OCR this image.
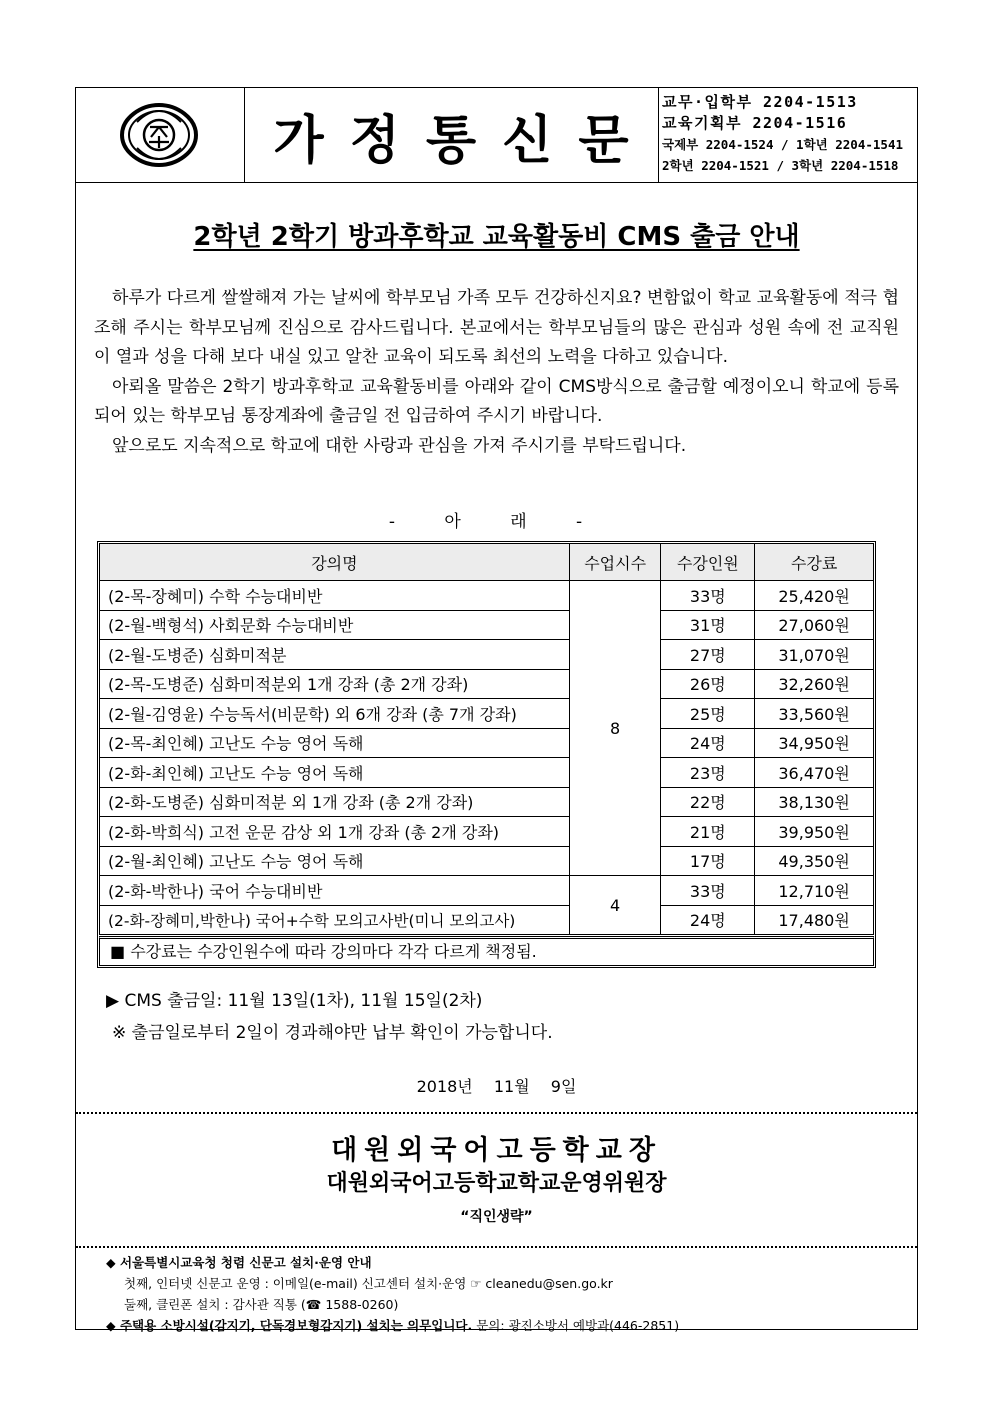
가정통신문
교무·입학부 2204-1513
교육기획부 2204-1516
국제부 2204-1524 / 1학년 2204-1541
2학년 2204-1521 / 3학년 2204-1518
2학년 2학기 방과후학교 교육활동비 CMS 출금 안내

하루가 다르게 쌀쌀해져 가는 날씨에 학부모님 가족 모두 건강하신지요? 변함없이 학교 교육활동에 적극 협조해 주시는 학부모님께 진심으로 감사드립니다. 본교에서는 학부모님들의 많은 관심과 성원 속에 전 교직원이 열과 성을 다해 보다 내실 있고 알찬 교육이 되도록 최선의 노력을 다하고 있습니다.

아뢰올 말씀은 2학기 방과후학교 교육활동비를 아래와 같이 CMS방식으로 출금할 예정이오니 학교에 등록되어 있는 학부모님 통장계좌에 출금일 전 입금하여 주시기 바랍니다.

앞으로도 지속적으로 학교에 대한 사랑과 관심을 가져 주시기를 부탁드립니다.

- 아 래 -
강의명	수업시수	수강인원	수강료
(2-목-장혜미) 수학 수능대비반	8	33명	25,420원
(2-월-백형석) 사회문화 수능대비반		31명	27,060원
(2-월-도병준) 심화미적분		27명	31,070원
(2-목-도병준) 심화미적분외 1개 강좌 (총 2개 강좌)		26명	32,260원
(2-월-김영윤) 수능독서(비문학) 외 6개 강좌 (총 7개 강좌)		25명	33,560원
(2-목-최인혜) 고난도 수능 영어 독해		24명	34,950원
(2-화-최인혜) 고난도 수능 영어 독해		23명	36,470원
(2-화-도병준) 심화미적분 외 1개 강좌 (총 2개 강좌)		22명	38,130원
(2-화-박희식) 고전 운문 감상 외 1개 강좌 (총 2개 강좌)		21명	39,950원
(2-월-최인혜) 고난도 수능 영어 독해		17명	49,350원
(2-화-박한나) 국어 수능대비반	4	33명	12,710원
(2-화-장혜미,박한나) 국어+수학 모의고사반(미니 모의고사)		24명	17,480원
■ 수강료는 수강인원수에 따라 강의마다 각각 다르게 책정됨.
▶ CMS 출금일: 11월 13일(1차), 11월 15일(2차)
※ 출금일로부터 2일이 경과해야만 납부 확인이 가능합니다.
2018년 11월 9일
대원외국어고등학교장
대원외국어고등학교학교운영위원장
“직인생략”
◆ 서울특별시교육청 청렴 신문고 설치·운영 안내
첫째, 인터넷 신문고 운영 : 이메일(e-mail) 신고센터 설치·운영 ☞ cleanedu@sen.go.kr
둘째, 클린폰 설치 : 감사관 직통 (☎ 1588-0260)
◆ 주택용 소방시설(감지기, 단독경보형감지기) 설치는 의무입니다. 문의: 광진소방서 예방과(446-2851)
